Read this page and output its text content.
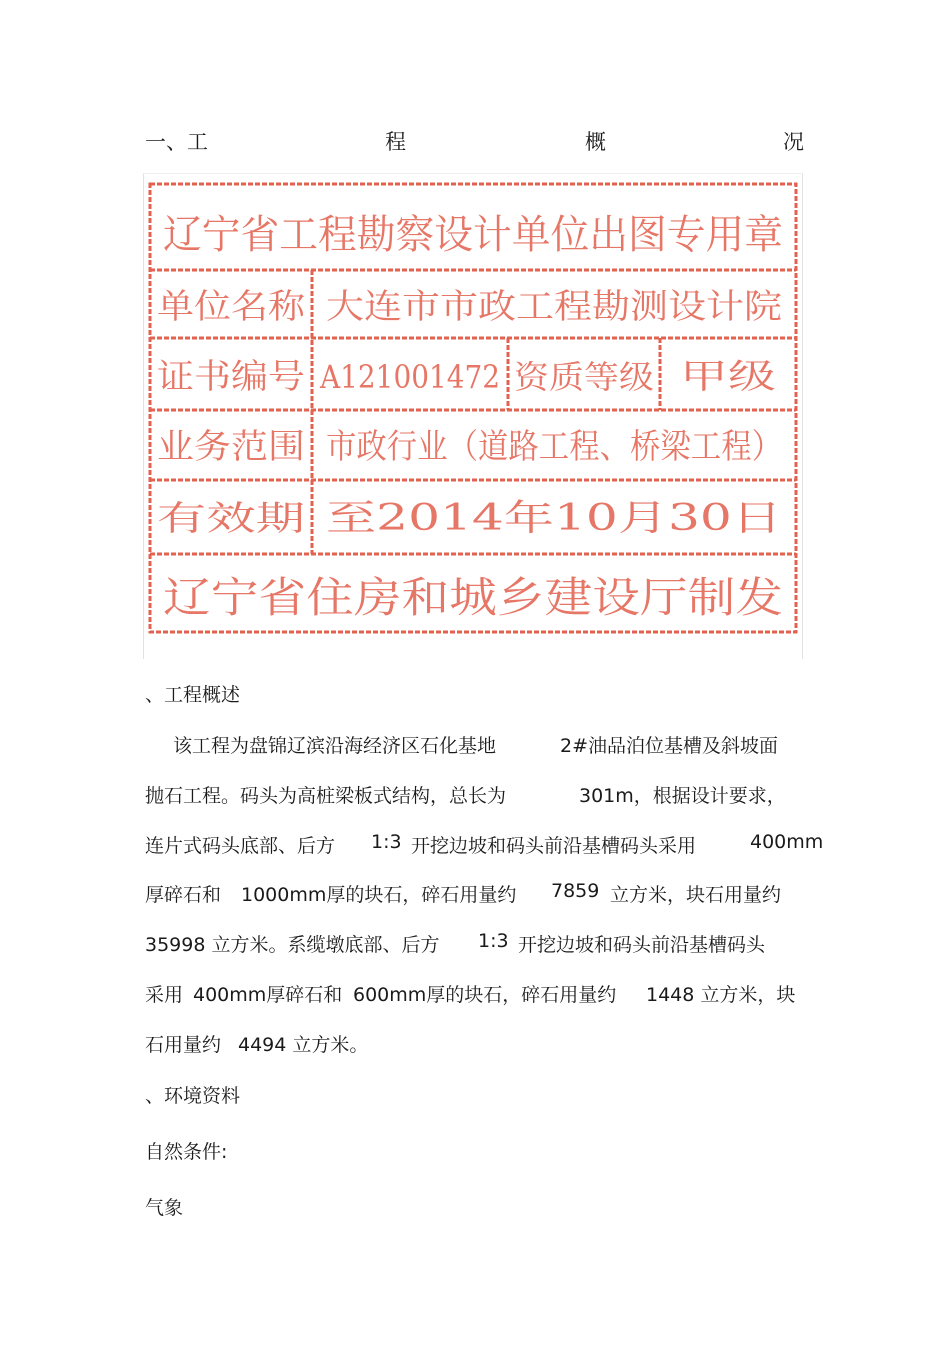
一、工	程	概	况
辽宁省工程勘察设计单位出图专用章
单位名称 大连市市政工程勘测设计院
证书编号 A121001472 资质等级 甲级
业务范围 市政行业（道路工程、桥梁工程）
有效期 至2014年10月30日
辽宁省住房和城乡建设厅制发
、工程概述
该工程为盘锦辽滨沿海经济区石化基地	2#油品泊位基槽及斜坡面
抛石工程。码头为高桩梁板式结构，总长为	301m，根据设计要求，
连片式码头底部、后方 1:3 开挖边坡和码头前沿基槽码头采用	400mm
厚碎石和 1000mm厚的块石，碎石用量约 7859 立方米，块石用量约
35998 立方米。系缆墩底部、后方 1:3 开挖边坡和码头前沿基槽码头
采用 400mm厚碎石和 600mm厚的块石，碎石用量约 1448 立方米，块
石用量约 4494 立方米。
、环境资料
自然条件:
气象
